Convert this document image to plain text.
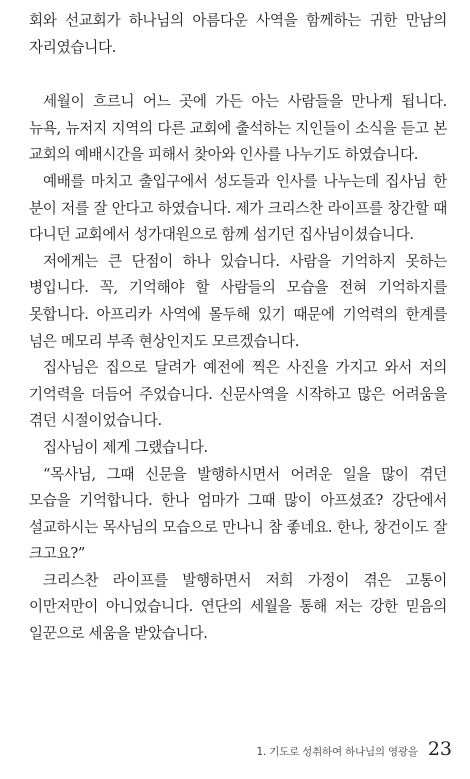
회와 선교회가 하나님의 아름다운 사역을 함께하는 귀한 만남의 자리였습니다.

세월이 흐르니 어느 곳에 가든 아는 사람들을 만나게 됩니다. 뉴욕, 뉴저지 지역의 다른 교회에 출석하는 지인들이 소식을 듣고 본 교회의 예배시간을 피해서 찾아와 인사를 나누기도 하였습니다.

예배를 마치고 출입구에서 성도들과 인사를 나누는데 집사님 한 분이 저를 잘 안다고 하였습니다. 제가 크리스찬 라이프를 창간할 때 다니던 교회에서 성가대원으로 함께 섬기던 집사님이셨습니다.

저에게는 큰 단점이 하나 있습니다. 사람을 기억하지 못하는 병입니다. 꼭, 기억해야 할 사람들의 모습을 전혀 기억하지를 못합니다. 아프리카 사역에 몰두해 있기 때문에 기억력의 한계를 넘은 메모리 부족 현상인지도 모르겠습니다.

집사님은 집으로 달려가 예전에 찍은 사진을 가지고 와서 저의 기억력을 더듬어 주었습니다. 신문사역을 시작하고 많은 어려움을 겪던 시절이었습니다.

집사님이 제게 그랬습니다.

“목사님, 그때 신문을 발행하시면서 어려운 일을 많이 겪던 모습을 기억합니다. 한나 엄마가 그때 많이 아프셨죠? 강단에서 설교하시는 목사님의 모습으로 만나니 참 좋네요. 한나, 창건이도 잘 크고요?”

크리스찬 라이프를 발행하면서 저희 가정이 겪은 고통이 이만저만이 아니었습니다. 연단의 세월을 통해 저는 강한 믿음의 일꾼으로 세움을 받았습니다.

1. 기도로 성취하여 하나님의 영광을 23
